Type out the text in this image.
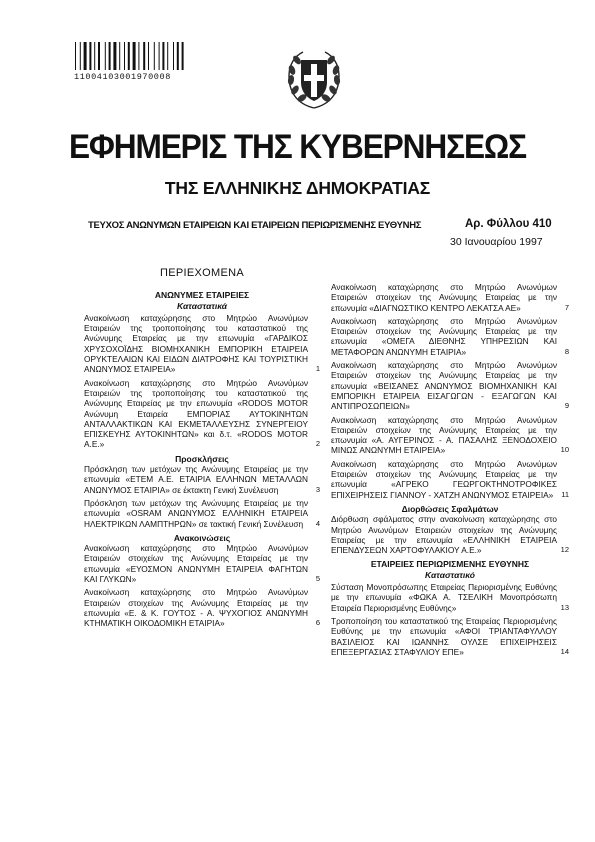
11004103001970008
ΕΦΗΜΕΡΙΣ ΤΗΣ ΚΥΒΕΡΝΗΣΕΩΣ
ΤΗΣ ΕΛΛΗΝΙΚΗΣ ΔΗΜΟΚΡΑΤΙΑΣ
ΤΕΥΧΟΣ ΑΝΩΝΥΜΩΝ ΕΤΑΙΡΕΙΩΝ ΚΑΙ ΕΤΑΙΡΕΙΩΝ ΠΕΡΙΩΡΙΣΜΕΝΗΣ ΕΥΘΥΝΗΣ	Αρ. Φύλλου 410
30 Ιανουαρίου 1997
ΠΕΡΙΕΧΟΜΕΝΑ
ΑΝΩΝΥΜΕΣ ΕΤΑΙΡΕΙΕΣ
Καταστατικά
Ανακοίνωση καταχώρησης στο Μητρώο Ανωνύμων Εταιρειών της τροποποίησης του καταστατικού της Ανώνυμης Εταιρείας με την επωνυμία «ΓΑΡΔΙΚΟΣ ΧΡΥΣΟΧΟΪΔΗΣ ΒΙΟΜΗΧΑΝΙΚΗ ΕΜΠΟΡΙΚΗ ΕΤΑΙΡΕΙΑ ΟΡΥΚΤΕΛΑΙΩΝ ΚΑΙ ΕΙΔΩΝ ΔΙΑΤΡΟΦΗΣ ΚΑΙ ΤΟΥΡΙΣΤΙΚΗ ΑΝΩΝΥΜΟΣ ΕΤΑΙΡΕΙΑ»	1
Ανακοίνωση καταχώρησης στο Μητρώο Ανωνύμων Εταιρειών της τροποποίησης του καταστατικού της Ανώνυμης Εταιρείας με την επωνυμία «RODOS MOTOR Ανώνυμη Εταιρεία ΕΜΠΟΡΙΑΣ ΑΥΤΟΚΙΝΗΤΩΝ ΑΝΤΑΛΛΑΚΤΙΚΩΝ ΚΑΙ ΕΚΜΕΤΑΛΛΕΥΣΗΣ ΣΥΝΕΡΓΕΙΟΥ ΕΠΙΣΚΕΥΗΣ ΑΥΤΟΚΙΝΗΤΩΝ» και δ.τ. «RODOS MOTOR A.E.»	2
Προσκλήσεις
Πρόσκληση των μετόχων της Ανώνυμης Εταιρείας με την επωνυμία «ΕΤΕΜ Α.Ε. ΕΤΑΙΡΙΑ ΕΛΛΗΝΩΝ ΜΕΤΑΛΛΩΝ ΑΝΩΝΥΜΟΣ ΕΤΑΙΡΙΑ» σε έκτακτη Γενική Συνέλευση	3
Πρόσκληση των μετόχων της Ανώνυμης Εταιρείας με την επωνυμία «OSRAM ΑΝΩΝΥΜΟΣ ΕΛΛΗΝΙΚΗ ΕΤΑΙΡΕΙΑ ΗΛΕΚΤΡΙΚΩΝ ΛΑΜΠΤΗΡΩΝ» σε τακτική Γενική Συνέλευση	4
Ανακοινώσεις
Ανακοίνωση καταχώρησης στο Μητρώο Ανωνύμων Εταιρειών στοιχείων της Ανώνυμης Εταιρείας με την επωνυμία «ΕΥΟΣΜΟΝ ΑΝΩΝΥΜΗ ΕΤΑΙΡΕΙΑ ΦΑΓΗΤΩΝ ΚΑΙ ΓΛΥΚΩΝ»	5
Ανακοίνωση καταχώρησης στο Μητρώο Ανωνύμων Εταιρειών στοιχείων της Ανώνυμης Εταιρείας με την επωνυμία «Ε. & Κ. ΓΟΥΤΟΣ - Α. ΨΥΧΟΓΙΟΣ ΑΝΩΝΥΜΗ ΚΤΗΜΑΤΙΚΗ ΟΙΚΟΔΟΜΙΚΗ ΕΤΑΙΡΙΑ»	6
Ανακοίνωση καταχώρησης στο Μητρώο Ανωνύμων Εταιρειών στοιχείων της Ανώνυμης Εταιρείας με την επωνυμία «ΔΙΑΓΝΩΣΤΙΚΟ ΚΕΝΤΡΟ ΛΕΚΑΤΣΑ ΑΕ»	7
Ανακοίνωση καταχώρησης στο Μητρώο Ανωνύμων Εταιρειών στοιχείων της Ανώνυμης Εταιρείας με την επωνυμία «ΟΜΕΓΑ ΔΙΕΘΝΗΣ ΥΠΗΡΕΣΙΩΝ ΚΑΙ ΜΕΤΑΦΟΡΩΝ ΑΝΩΝΥΜΗ ΕΤΑΙΡΙΑ»	8
Ανακοίνωση καταχώρησης στο Μητρώο Ανωνύμων Εταιρειών στοιχείων της Ανώνυμης Εταιρείας με την επωνυμία «ΒΕΙΣΑΝΕΣ ΑΝΩΝΥΜΟΣ ΒΙΟΜΗΧΑΝΙΚΗ ΚΑΙ ΕΜΠΟΡΙΚΗ ΕΤΑΙΡΕΙΑ ΕΙΣΑΓΩΓΩΝ - ΕΞΑΓΩΓΩΝ ΚΑΙ ΑΝΤΙΠΡΟΣΩΠΕΙΩΝ»	9
Ανακοίνωση καταχώρησης στο Μητρώο Ανωνύμων Εταιρειών στοιχείων της Ανώνυμης Εταιρείας με την επωνυμία «Α. ΑΥΓΕΡΙΝΟΣ - Α. ΠΑΣΑΛΗΣ ΞΕΝΟΔΟΧΕΙΟ ΜΙΝΩΣ ΑΝΩΝΥΜΗ ΕΤΑΙΡΕΙΑ»	10
Ανακοίνωση καταχώρησης στο Μητρώο Ανωνύμων Εταιρειών στοιχείων της Ανώνυμης Εταιρείας με την επωνυμία «ΑΓΡΕΚΟ ΓΕΩΡΓΟΚΤΗΝΟΤΡΟΦΙΚΕΣ ΕΠΙΧΕΙΡΗΣΕΙΣ ΓΙΑΝΝΟΥ - ΧΑΤΖΗ ΑΝΩΝΥΜΟΣ ΕΤΑΙΡΕΙΑ»	11
Διορθώσεις Σφαλμάτων
Διόρθωση σφάλματος στην ανακοίνωση καταχώρησης στο Μητρώο Ανωνύμων Εταιρειών στοιχείων της Ανώνυμης Εταιρείας με την επωνυμία «ΕΛΛΗΝΙΚΗ ΕΤΑΙΡΕΙΑ ΕΠΕΝΔΥΣΕΩΝ ΧΑΡΤΟΦΥΛΑΚΙΟΥ Α.Ε.»	12
ΕΤΑΙΡΕΙΕΣ ΠΕΡΙΩΡΙΣΜΕΝΗΣ ΕΥΘΥΝΗΣ
Καταστατικό
Σύσταση Μονοπρόσωπης Εταιρείας Περιορισμένης Ευθύνης με την επωνυμία «ΦΩΚΑ Α. ΤΣΕΛΙΚΗ Μονοπρόσωπη Εταιρεία Περιορισμένης Ευθύνης»	13
Τροποποίηση του καταστατικού της Εταιρείας Περιορισμένης Ευθύνης με την επωνυμία «ΑΦΟΙ ΤΡΙΑΝΤΑΦΥΛΛΟΥ ΒΑΣΙΛΕΙΟΣ ΚΑΙ ΙΩΑΝΝΗΣ ΟΥΛΣΕ ΕΠΙΧΕΙΡΗΣΕΙΣ ΕΠΕΞΕΡΓΑΣΙΑΣ ΣΤΑΦΥΛΙΟΥ ΕΠΕ»	14
